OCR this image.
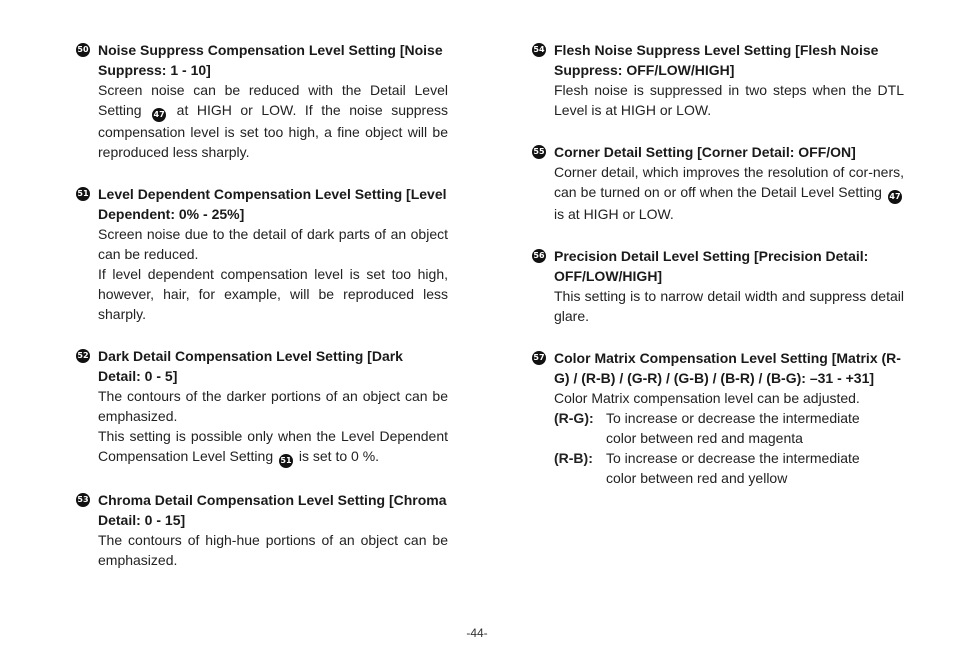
50 Noise Suppress Compensation Level Setting [Noise Suppress: 1 - 10]

Screen noise can be reduced with the Detail Level Setting 47 at HIGH or LOW. If the noise suppress compensation level is set too high, a fine object will be reproduced less sharply.

51 Level Dependent Compensation Level Setting [Level Dependent: 0% - 25%]

Screen noise due to the detail of dark parts of an object can be reduced.

If level dependent compensation level is set too high, however, hair, for example, will be reproduced less sharply.

52 Dark Detail Compensation Level Setting [Dark Detail: 0 - 5]

The contours of the darker portions of an object can be emphasized.

This setting is possible only when the Level Dependent Compensation Level Setting 51 is set to 0 %.

53 Chroma Detail Compensation Level Setting [Chroma Detail: 0 - 15]

The contours of high-hue portions of an object can be emphasized.

54 Flesh Noise Suppress Level Setting [Flesh Noise Suppress: OFF/LOW/HIGH]

Flesh noise is suppressed in two steps when the DTL Level is at HIGH or LOW.

55 Corner Detail Setting [Corner Detail: OFF/ON]

Corner detail, which improves the resolution of cor-ners, can be turned on or off when the Detail Level Setting 47 is at HIGH or LOW.

56 Precision Detail Level Setting [Precision Detail: OFF/LOW/HIGH]

This setting is to narrow detail width and suppress detail glare.

57 Color Matrix Compensation Level Setting [Matrix (R-G) / (R-B) / (G-R) / (G-B) / (B-R) / (B-G): –31 - +31]

Color Matrix compensation level can be adjusted.

(R-G): To increase or decrease the intermediate
color between red and magenta
(R-B): To increase or decrease the intermediate
color between red and yellow
-44-
